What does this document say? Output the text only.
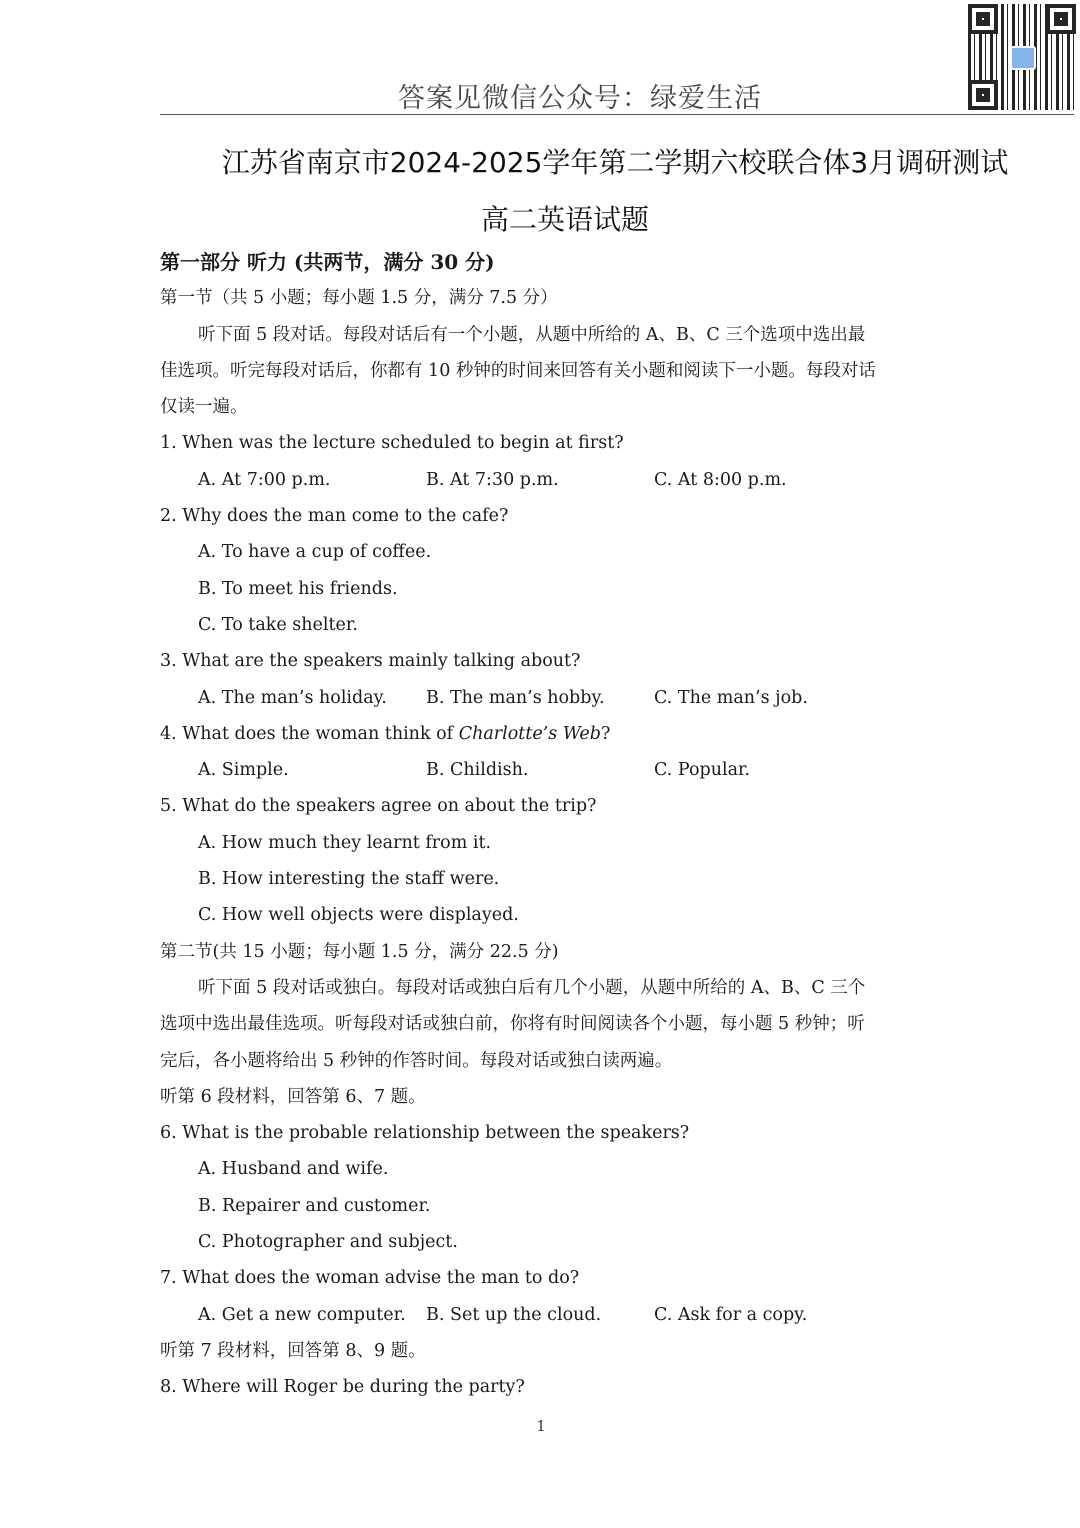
答案见微信公众号：绿爱生活
江苏省南京市2024-2025学年第二学期六校联合体3月调研测试
高二英语试题
第一部分 听力 (共两节，满分 30 分)
第一节（共 5 小题；每小题 1.5 分，满分 7.5 分）
听下面 5 段对话。每段对话后有一个小题，从题中所给的 A、B、C 三个选项中选出最
佳选项。听完每段对话后，你都有 10 秒钟的时间来回答有关小题和阅读下一小题。每段对话
仅读一遍。
1. When was the lecture scheduled to begin at first?
A. At 7:00 p.m.	B. At 7:30 p.m.	C. At 8:00 p.m.
2. Why does the man come to the cafe?
A. To have a cup of coffee.
B. To meet his friends.
C. To take shelter.
3. What are the speakers mainly talking about?
A. The man’s holiday.	B. The man’s hobby.	C. The man’s job.
4. What does the woman think of Charlotte’s Web?
A. Simple.	B. Childish.	C. Popular.
5. What do the speakers agree on about the trip?
A. How much they learnt from it.
B. How interesting the staff were.
C. How well objects were displayed.
第二节(共 15 小题；每小题 1.5 分，满分 22.5 分)
听下面 5 段对话或独白。每段对话或独白后有几个小题，从题中所给的 A、B、C 三个
选项中选出最佳选项。听每段对话或独白前，你将有时间阅读各个小题，每小题 5 秒钟；听
完后，各小题将给出 5 秒钟的作答时间。每段对话或独白读两遍。
听第 6 段材料，回答第 6、7 题。
6. What is the probable relationship between the speakers?
A. Husband and wife.
B. Repairer and customer.
C. Photographer and subject.
7. What does the woman advise the man to do?
A. Get a new computer.	B. Set up the cloud.	C. Ask for a copy.
听第 7 段材料，回答第 8、9 题。
8. Where will Roger be during the party?
1
